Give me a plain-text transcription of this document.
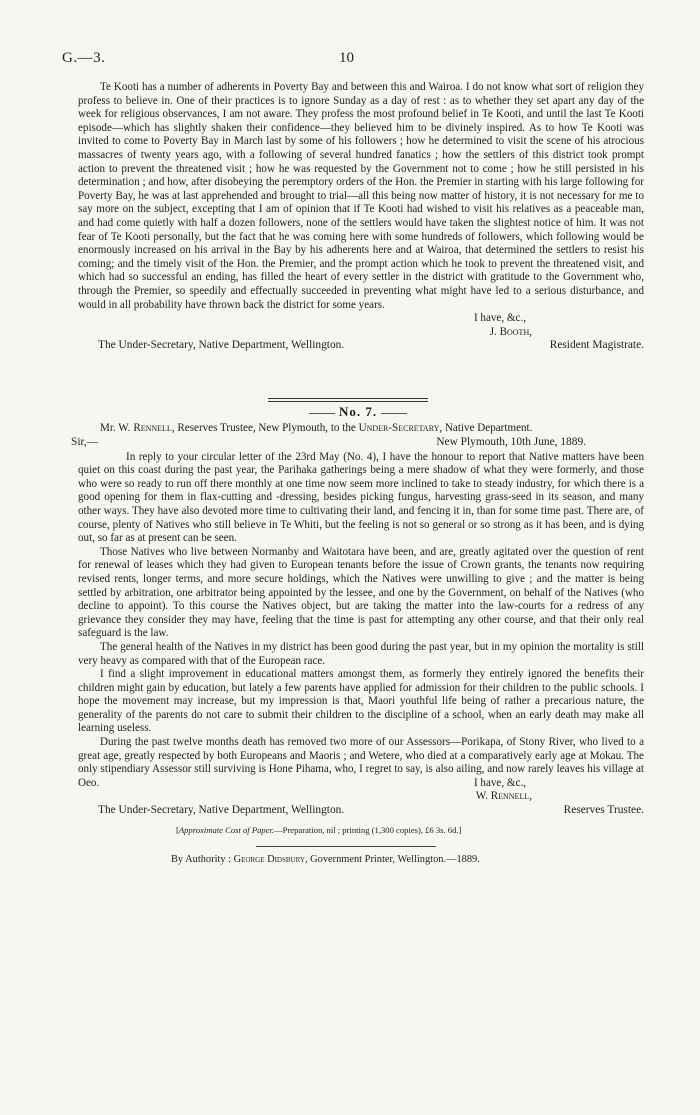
G.—3.	10

Te Kooti has a number of adherents in Poverty Bay and between this and Wairoa. I do not know what sort of religion they profess to believe in. One of their practices is to ignore Sunday as a day of rest : as to whether they set apart any day of the week for religious observances, I am not aware. They profess the most profound belief in Te Kooti, and until the last Te Kooti episode—which has slightly shaken their confidence—they believed him to be divinely inspired. As to how Te Kooti was invited to come to Poverty Bay in March last by some of his followers ; how he determined to visit the scene of his atrocious massacres of twenty years ago, with a following of several hundred fanatics ; how the settlers of this district took prompt action to prevent the threatened visit ; how he was requested by the Government not to come ; how he still persisted in his determination ; and how, after disobeying the peremptory orders of the Hon. the Premier in starting with his large following for Poverty Bay, he was at last apprehended and brought to trial—all this being now matter of history, it is not necessary for me to say more on the subject, excepting that I am of opinion that if Te Kooti had wished to visit his relatives as a peaceable man, and had come quietly with half a dozen followers, none of the settlers would have taken the slightest notice of him. It was not fear of Te Kooti personally, but the fact that he was coming here with some hundreds of followers, which following would be enormously increased on his arrival in the Bay by his adherents here and at Wairoa, that determined the settlers to resist his coming; and the timely visit of the Hon. the Premier, and the prompt action which he took to prevent the threatened visit, and which had so successful an ending, has filled the heart of every settler in the district with gratitude to the Government who, through the Premier, so speedily and effectually succeeded in preventing what might have led to a serious disturbance, and would in all probability have thrown back the district for some years.

I have, &c.,

J. Booth,

The Under-Secretary, Native Department, Wellington.	Resident Magistrate.
No. 7.

Mr. W. Rennell, Reserves Trustee, New Plymouth, to the Under-Secretary, Native Department.

Sir,—	New Plymouth, 10th June, 1889.

In reply to your circular letter of the 23rd May (No. 4), I have the honour to report that Native matters have been quiet on this coast during the past year, the Parihaka gatherings being a mere shadow of what they were formerly, and those who were so ready to run off there monthly at one time now seem more inclined to take to steady industry, for which there is a good opening for them in flax-cutting and -dressing, besides picking fungus, harvesting grass-seed in its season, and many other ways. They have also devoted more time to cultivating their land, and fencing it in, than for some time past. There are, of course, plenty of Natives who still believe in Te Whiti, but the feeling is not so general or so strong as it has been, and is dying out, so far as at present can be seen.

Those Natives who live between Normanby and Waitotara have been, and are, greatly agitated over the question of rent for renewal of leases which they had given to European tenants before the issue of Crown grants, the tenants now requiring revised rents, longer terms, and more secure holdings, which the Natives were unwilling to give ; and the matter is being settled by arbitration, one arbitrator being appointed by the lessee, and one by the Government, on behalf of the Natives (who decline to appoint). To this course the Natives object, but are taking the matter into the law-courts for a redress of any grievance they consider they may have, feeling that the time is past for attempting any other course, and that their only real safeguard is the law.

The general health of the Natives in my district has been good during the past year, but in my opinion the mortality is still very heavy as compared with that of the European race.

I find a slight improvement in educational matters amongst them, as formerly they entirely ignored the benefits their children might gain by education, but lately a few parents have applied for admission for their children to the public schools. I hope the movement may increase, but my impression is that, Maori youthful life being of rather a precarious nature, the generality of the parents do not care to submit their children to the discipline of a school, when an early death may make all learning useless.

During the past twelve months death has removed two more of our Assessors—Porikapa, of Stony River, who lived to a great age, greatly respected by both Europeans and Maoris ; and Wetere, who died at a comparatively early age at Mokau. The only stipendiary Assessor still surviving is Hone Pihama, who, I regret to say, is also ailing, and now rarely leaves his village at Oeo.	I have, &c.,

W. Rennell,

The Under-Secretary, Native Department, Wellington.	Reserves Trustee.
[Approximate Cost of Paper.—Preparation, nil ; printing (1,300 copies), £6 3s. 6d.]
By Authority : George Didsbury, Government Printer, Wellington.—1889.
